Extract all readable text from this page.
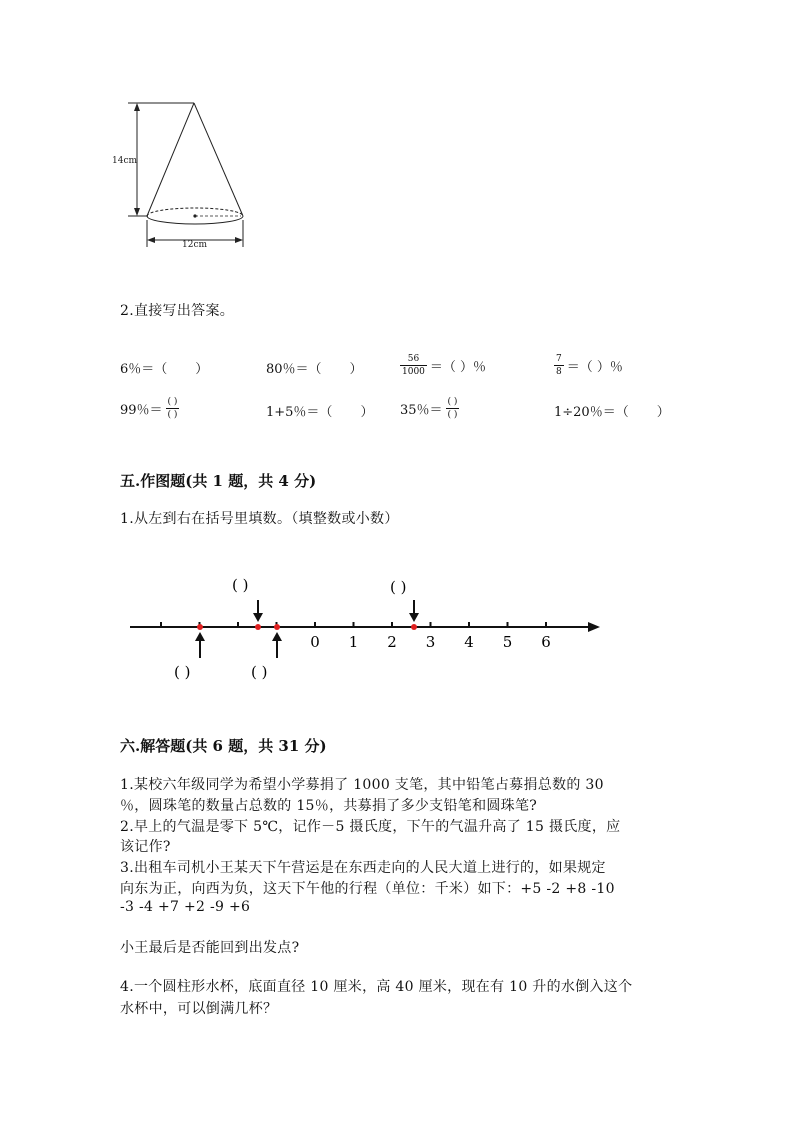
14cm
12cm
2.直接写出答案。
6％＝（ ）	80％＝（ ）	$\frac{56}{1000}$ ＝（ ）％	$\frac{7}{8}$ ＝（ ）％
99％＝ $\frac{( )}{( )}$	1+5％＝（ ） 35％＝ $\frac{( )}{( )}$	1÷20％＝（ ）
五.作图题(共 1 题，共 4 分)
1.从左到右在括号里填数。（填整数或小数）
0 1 2 3 4 5 6
( )	( )
( )	( )
六.解答题(共 6 题，共 31 分)
1.某校六年级同学为希望小学募捐了 1000 支笔，其中铅笔占募捐总数的 30
％，圆珠笔的数量占总数的 15％，共募捐了多少支铅笔和圆珠笔?
2.早上的气温是零下 5℃，记作－5 摄氏度，下午的气温升高了 15 摄氏度，应
该记作?
3.出租车司机小王某天下午营运是在东西走向的人民大道上进行的，如果规定
向东为正，向西为负，这天下午他的行程（单位：千米）如下：+5 -2 +8 -10
-3 -4 +7 +2 -9 +6
小王最后是否能回到出发点?
4.一个圆柱形水杯，底面直径 10 厘米，高 40 厘米，现在有 10 升的水倒入这个
水杯中，可以倒满几杯？
